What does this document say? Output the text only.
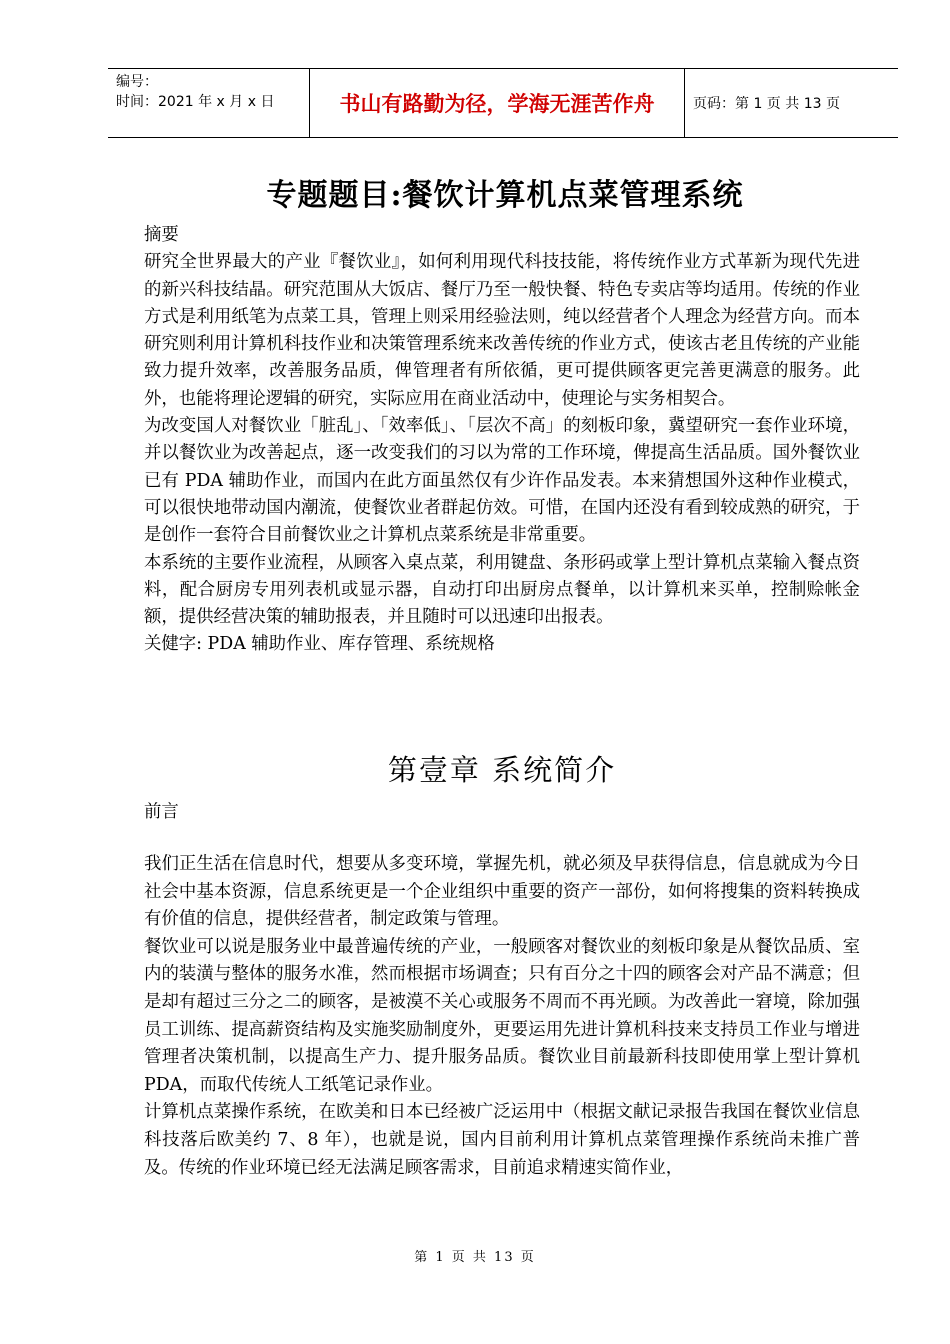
编号：
时间：2021 年 x 月 x 日	书山有路勤为径，学海无涯苦作舟	页码：第 1 页 共 13 页
专题题目:餐饮计算机点菜管理系统

摘要

研究全世界最大的产业『餐饮业』，如何利用现代科技技能，将传统作业方式革新为现代先进的新兴科技结晶。研究范围从大饭店、餐厅乃至一般快餐、特色专卖店等均适用。传统的作业方式是利用纸笔为点菜工具，管理上则采用经验法则，纯以经营者个人理念为经营方向。而本研究则利用计算机科技作业和决策管理系统来改善传统的作业方式，使该古老且传统的产业能致力提升效率，改善服务品质，俾管理者有所依循，更可提供顾客更完善更满意的服务。此外，也能将理论逻辑的研究，实际应用在商业活动中，使理论与实务相契合。

为改变国人对餐饮业「脏乱」、「效率低」、「层次不高」的刻板印象，冀望研究一套作业环境，并以餐饮业为改善起点，逐一改变我们的习以为常的工作环境，俾提高生活品质。国外餐饮业已有 PDA 辅助作业，而国内在此方面虽然仅有少许作品发表。本来猜想国外这种作业模式，可以很快地带动国内潮流，使餐饮业者群起仿效。可惜，在国内还没有看到较成熟的研究，于是创作一套符合目前餐饮业之计算机点菜系统是非常重要。

本系统的主要作业流程，从顾客入桌点菜，利用键盘、条形码或掌上型计算机点菜输入餐点资料，配合厨房专用列表机或显示器，自动打印出厨房点餐单，以计算机来买单，控制赊帐金额，提供经营决策的辅助报表，并且随时可以迅速印出报表。

关健字: PDA 辅助作业、库存管理、系统规格

第壹章 系统简介
前言

我们正生活在信息时代，想要从多变环境，掌握先机，就必须及早获得信息，信息就成为今日社会中基本资源，信息系统更是一个企业组织中重要的资产一部份，如何将搜集的资料转换成有价值的信息，提供经营者，制定政策与管理。

餐饮业可以说是服务业中最普遍传统的产业，一般顾客对餐饮业的刻板印象是从餐饮品质、室内的装潢与整体的服务水准，然而根据市场调查；只有百分之十四的顾客会对产品不满意；但是却有超过三分之二的顾客，是被漠不关心或服务不周而不再光顾。为改善此一窘境，除加强员工训练、提高薪资结构及实施奖励制度外，更要运用先进计算机科技来支持员工作业与增进管理者决策机制，以提高生产力、提升服务品质。餐饮业目前最新科技即使用掌上型计算机 PDA，而取代传统人工纸笔记录作业。

计算机点菜操作系统，在欧美和日本已经被广泛运用中（根据文献记录报告我国在餐饮业信息科技落后欧美约 7、8 年），也就是说，国内目前利用计算机点菜管理操作系统尚未推广普及。传统的作业环境已经无法满足顾客需求，目前追求精速实简作业，

第 1 页 共 13 页
